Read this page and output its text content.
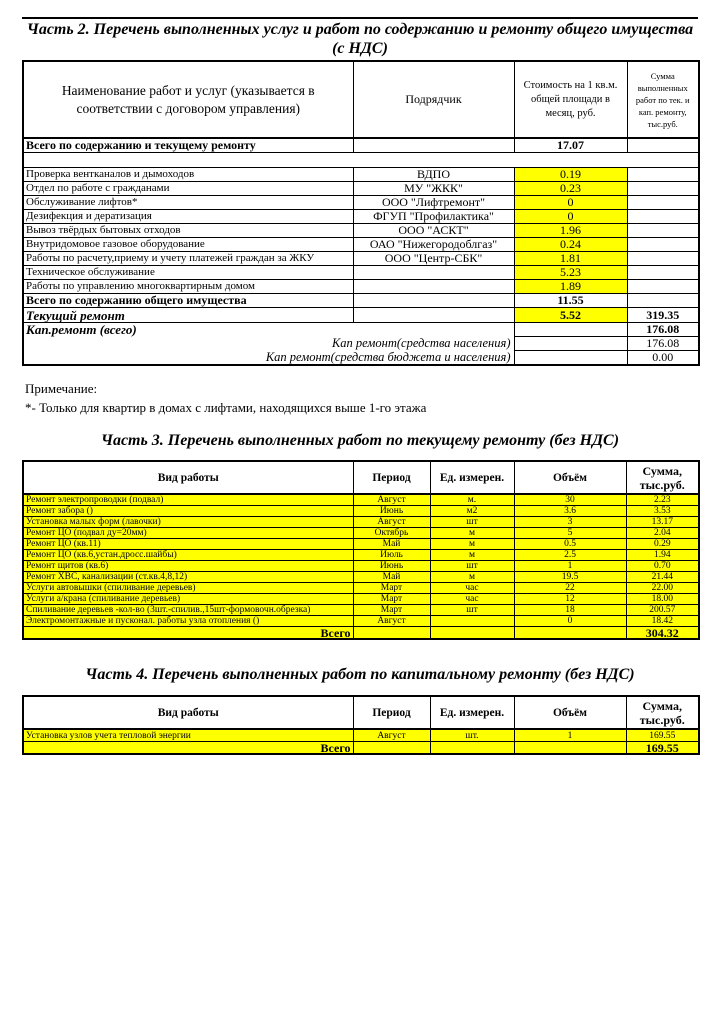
Часть 2. Перечень выполненных услуг и работ по содержанию и ремонту общего имущества
(с НДС)
Наименование работ и услуг (указывается в соответствии с договором управления)	Подрядчик	Стоимость на 1 кв.м. общей площади в месяц, руб.	Сумма выполненных работ по тек. и кап. ремонту, тыс.руб.
Всего по содержанию и текущему ремонту		17.07	

Проверка вентканалов и дымоходов	ВДПО	0.19	
Отдел по работе с гражданами	МУ "ЖКК"	0.23	
Обслуживание лифтов*	ООО "Лифтремонт"	0	
Дезифекция и дератизация	ФГУП "Профилактика"	0	
Вывоз твёрдых бытовых отходов	ООО "АСКТ"	1.96	
Внутридомовое газовое оборудование	ОАО "Нижегородоблгаз"	0.24	
Работы по расчету,приему и учету платежей граждан за ЖКУ	ООО "Центр-СБК"	1.81	
Техническое обслуживание		5.23	
Работы по управлению многоквартирным домом		1.89	
Всего по содержанию общего имущества		11.55	
Текущий ремонт		5.52	319.35
Кап.ремонт (всего)			176.08
Кап ремонт(средства населения)			176.08
Кап ремонт(средства бюджета и населения)			0.00
Примечание:
*- Только для квартир в домах с лифтами, находящихся выше 1-го этажа
Часть 3. Перечень выполненных работ по текущему ремонту (без НДС)
Вид работы	Период	Ед. измерен.	Объём	Сумма, тыс.руб.
Ремонт электропроводки (подвал)	Август	м.	30	2.23
Ремонт забора ()	Июнь	м2	3.6	3.53
Установка малых форм (лавочки)	Август	шт	3	13.17
Ремонт ЦО (подвал ду=20мм)	Октябрь	м	5	2.04
Ремонт ЦО (кв.11)	Май	м	0.5	0.29
Ремонт ЦО (кв.6,устан.дросс.шайбы)	Июль	м	2.5	1.94
Ремонт щитов (кв.6)	Июнь	шт	1	0.70
Ремонт ХВС, канализации (ст.кв.4,8,12)	Май	м	19.5	21.44
Услуги автовышки (спиливание деревьев)	Март	час	22	22.00
Услуги а/крана (спиливание деревьев)	Март	час	12	18.00
Спиливание деревьев -кол-во (3шт.-спилив.,15шт-формовочн.обрезка)	Март	шт	18	200.57
Электромонтажные и пусконал. работы узла отопления ()	Август		0	18.42
Всего				304.32
Часть 4. Перечень выполненных работ по капитальному ремонту (без НДС)
Вид работы	Период	Ед. измерен.	Объём	Сумма, тыс.руб.
Установка узлов учета тепловой энергии	Август	шт.	1	169.55
Всего				169.55
